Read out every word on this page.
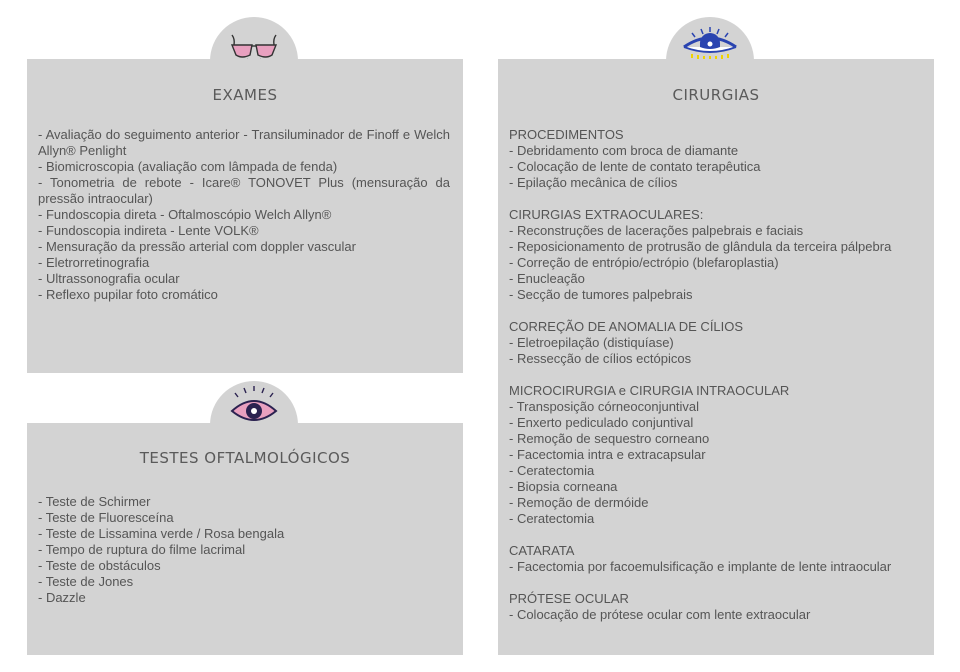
EXAMES
- Avaliação do seguimento anterior - Transiluminador de Finoff e Welch Allyn® Penlight
- Biomicroscopia (avaliação com lâmpada de fenda)
- Tonometria de rebote - Icare® TONOVET Plus (mensuração da pressão intraocular)
- Fundoscopia direta - Oftalmoscópio Welch Allyn®
- Fundoscopia indireta - Lente VOLK®
- Mensuração da pressão arterial com doppler vascular
- Eletrorretinografia
- Ultrassonografia ocular
- Reflexo pupilar foto cromático
TESTES OFTALMOLÓGICOS
- Teste de Schirmer
- Teste de Fluoresceína
- Teste de Lissamina verde / Rosa bengala
- Tempo de ruptura do filme lacrimal
- Teste de obstáculos
- Teste de Jones
- Dazzle
CIRURGIAS
PROCEDIMENTOS
- Debridamento com broca de diamante
- Colocação de lente de contato terapêutica
- Epilação mecânica de cílios
CIRURGIAS EXTRAOCULARES:
- Reconstruções de lacerações palpebrais e faciais
- Reposicionamento de protrusão de glândula da terceira pálpebra
- Correção de entrópio/ectrópio (blefaroplastia)
- Enucleação
- Secção de tumores palpebrais
CORREÇÃO DE ANOMALIA DE CÍLIOS
- Eletroepilação (distiquíase)
- Ressecção de cílios ectópicos
MICROCIRURGIA e CIRURGIA INTRAOCULAR
- Transposição córneoconjuntival
- Enxerto pediculado conjuntival
- Remoção de sequestro corneano
- Facectomia intra e extracapsular
- Ceratectomia
- Biopsia corneana
- Remoção de dermóide
- Ceratectomia
CATARATA
- Facectomia por facoemulsificação e implante de lente intraocular
PRÓTESE OCULAR
- Colocação de prótese ocular com lente extraocular
